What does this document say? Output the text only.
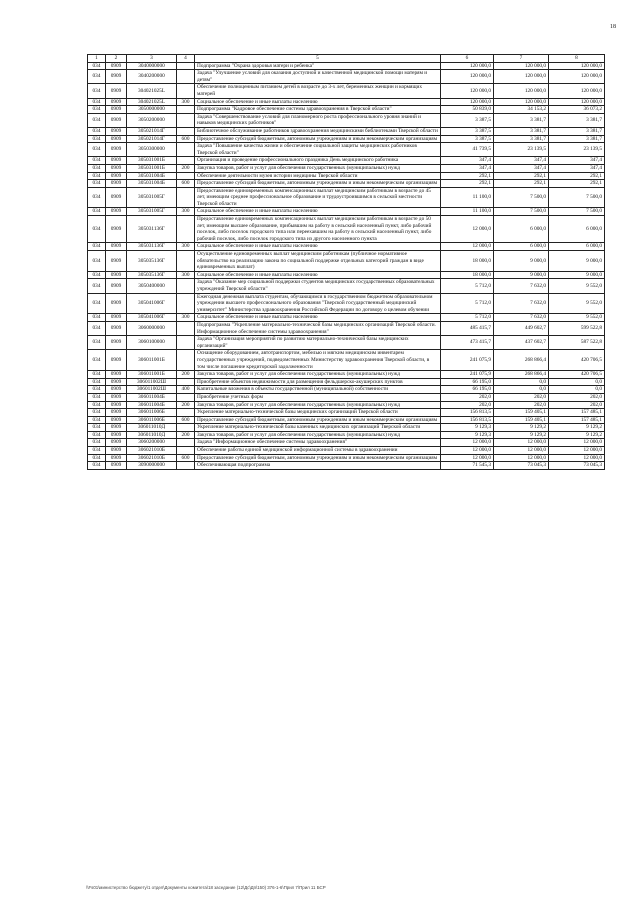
18
1	2	3	4	5	6	7	8
034	0909	3040000000		Подпрограмма "Охрана здоровья матери и ребенка"	120 000,0	120 000,0	120 000,0
034	0909	3040200000		Задача "Улучшение условий для оказания доступной и качественной медицинской помощи матерям и детям"	120 000,0	120 000,0	120 000,0
034	0909	304021025L		Обеспечение полноценным питанием детей в возрасте до 3-х лет, беременных женщин и кормящих матерей	120 000,0	120 000,0	120 000,0
034	0909	304021025L	300	Социальное обеспечение и иные выплаты населению	120 000,0	120 000,0	120 000,0
034	0909	3050000000		Подпрограмма "Кадровое обеспечение системы здравоохранения в Тверской области"	50 839,0	34 153,2	36 073,2
034	0909	3050200000		Задача "Совершенствование условий для планомерного роста профессионального уровня знаний и навыков медицинских работников"	3 387,5	3 381,7	3 381,7
034	0909	305021014Г		Библиотечное обслуживание работников здравоохранения медицинскими библиотеками Тверской области	3 387,5	3 381,7	3 381,7
034	0909	305021014Г	600	Предоставление субсидий бюджетным, автономным учреждениям и иным некоммерческим организациям	3 387,5	3 381,7	3 381,7
034	0909	3050300000		Задача "Повышение качества жизни и обеспечение социальной защиты медицинских работников Тверской области"	41 739,5	23 139,5	23 139,5
034	0909	305031001Б		Организация и проведение профессионального праздника День медицинского работника	347,4	347,4	347,4
034	0909	305031001Б	200	Закупка товаров, работ и услуг для обеспечения государственных (муниципальных) нужд	347,4	347,4	347,4
034	0909	305031004Б		Обеспечение деятельности музея истории медицины Тверской области	292,1	292,1	292,1
034	0909	305031004Б	600	Предоставление субсидий бюджетным, автономным учреждениям и иным некоммерческим организациям	292,1	292,1	292,1
034	0909	305031005Г		Предоставление единовременных компенсационных выплат медицинским работникам в возрасте до 45 лет, имеющим среднее профессиональное образование и трудоустроившимся в сельской местности Тверской области	11 100,0	7 500,0	7 500,0
034	0909	305031005Г	300	Социальное обеспечение и иные выплаты населению	11 100,0	7 500,0	7 500,0
034	0909	305031136Г		Предоставление единовременных компенсационных выплат медицинским работникам в возрасте до 50 лет, имеющим высшее образование, прибывшим на работу в сельский населенный пункт, либо рабочий поселок, либо поселок городского типа или переехавшим на работу в сельский населенный пункт, либо рабочий поселок, либо поселок городского типа из другого населенного пункта	12 000,0	6 000,0	6 000,0
034	0909	305031136Г	300	Социальное обеспечение и иные выплаты населению	12 000,0	6 000,0	6 000,0
034	0909	305035136Г		Осуществление единовременных выплат медицинским работникам (публичное нормативное обязательство на реализацию закона по социальной поддержке отдельных категорий граждан в виде единовременных выплат)	18 000,0	9 000,0	9 000,0
034	0909	305035136Г	300	Социальное обеспечение и иные выплаты населению	18 000,0	9 000,0	9 000,0
034	0909	3050400000		Задача "Оказание мер социальной поддержки студентов медицинских государственных образовательных учреждений Тверской области"	5 712,0	7 632,0	9 552,0
034	0909	305041006Г		Ежегодная денежная выплата студентам, обучающимся в государственном бюджетном образовательном учреждении высшего профессионального образования "Тверской государственный медицинский университет" Министерства здравоохранения Российской Федерации по договору о целевом обучении	5 712,0	7 632,0	9 552,0
034	0909	305041006Г	300	Социальное обеспечение и иные выплаты населению	5 712,0	7 632,0	9 552,0
034	0909	3060000000		Подпрограмма "Укрепление материально-технической базы медицинских организаций Тверской области. Информационное обеспечение системы здравоохранения"	485 415,7	449 602,7	599 522,8
034	0909	3060100000		Задача "Организация мероприятий по развитию материально-технической базы медицинских организаций"	473 415,7	437 602,7	587 522,8
034	0909	306011001Б		Оснащение оборудованием, автотранспортом, мебелью и мягким медицинским инвентарем государственных учреждений, подведомственных Министерству здравоохранения Тверской области, в том числе погашение кредиторской задолженности	241 075,9	268 866,4	420 706,5
034	0909	306011001Б	200	Закупка товаров, работ и услуг для обеспечения государственных (муниципальных) нужд	241 075,9	268 866,4	420 706,5
034	0909	306011002Ш		Приобретение объектов недвижимости для размещения фельдшерско-акушерских пунктов	66 195,0	0,0	0,0
034	0909	306011002Ш	400	Капитальные вложения в объекты государственной (муниципальной) собственности	66 195,0	0,0	0,0
034	0909	306011004Б		Приобретение учетных форм	202,0	202,0	202,0
034	0909	306011004Б	200	Закупка товаров, работ и услуг для обеспечения государственных (муниципальных) нужд	202,0	202,0	202,0
034	0909	306011006Б		Укрепление материально-технической базы медицинских организаций Тверской области	156 813,5	159 405,1	157 485,1
034	0909	306011006Б	600	Предоставление субсидий бюджетным, автономным учреждениям и иным некоммерческим организациям	156 813,5	159 405,1	157 485,1
034	0909	306011010Д		Укрепление материально-технической базы казенных медицинских организаций Тверской области	9 129,3	9 129,2	9 129,2
034	0909	306011010Д	200	Закупка товаров, работ и услуг для обеспечения государственных (муниципальных) нужд	9 129,3	9 129,2	9 129,2
034	0909	3060200000		Задача "Информационное обеспечение системы здравоохранения"	12 000,0	12 000,0	12 000,0
034	0909	306021010Б		Обеспечение работы единой медицинской информационной системы в здравоохранении	12 000,0	12 000,0	12 000,0
034	0909	306021010Б	600	Предоставление субсидий бюджетным, автономным учреждениям и иным некоммерческим организациям	12 000,0	12 000,0	12 000,0
034	0909	3090000000		Обеспечивающая подпрограмма	71 545,3	73 045,3	73 045,3
\\Fs01\министерство бюджету\1 отдел\Документы комитета\18 заседание (12\Дс\Дп\150) 376-1-6\Прил 7\Прил 11 БСР
